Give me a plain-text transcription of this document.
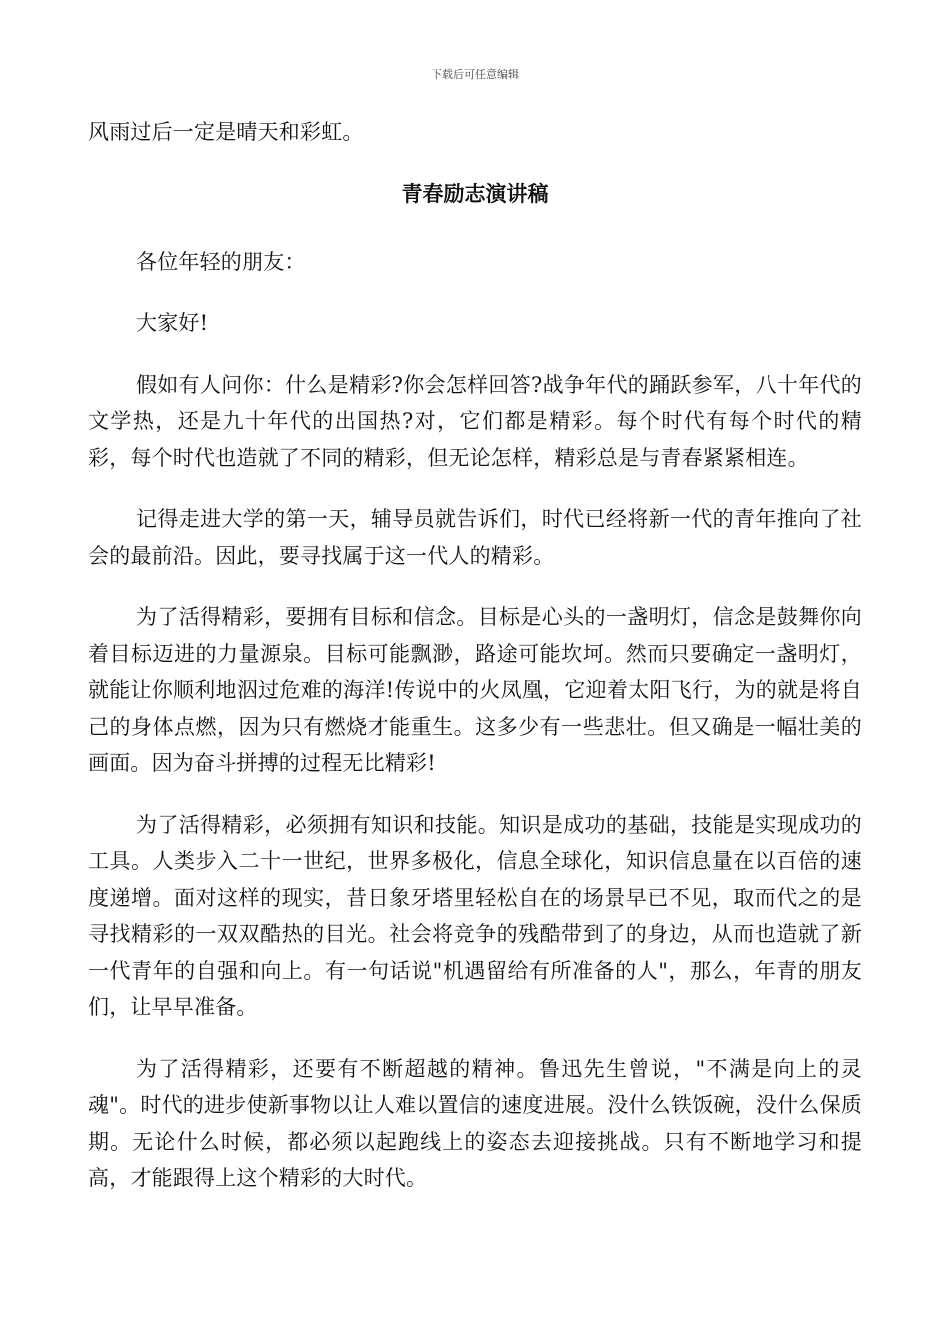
下载后可任意编辑

风雨过后一定是晴天和彩虹。

青春励志演讲稿

各位年轻的朋友：

大家好!

假如有人问你：什么是精彩?你会怎样回答?战争年代的踊跃参军，八十年代的文学热，还是九十年代的出国热?对，它们都是精彩。每个时代有每个时代的精彩，每个时代也造就了不同的精彩，但无论怎样，精彩总是与青春紧紧相连。

记得走进大学的第一天，辅导员就告诉们，时代已经将新一代的青年推向了社会的最前沿。因此，要寻找属于这一代人的精彩。

为了活得精彩，要拥有目标和信念。目标是心头的一盏明灯，信念是鼓舞你向着目标迈进的力量源泉。目标可能飘渺，路途可能坎坷。然而只要确定一盏明灯，就能让你顺利地泅过危难的海洋!传说中的火凤凰，它迎着太阳飞行，为的就是将自己的身体点燃，因为只有燃烧才能重生。这多少有一些悲壮。但又确是一幅壮美的画面。因为奋斗拼搏的过程无比精彩!

为了活得精彩，必须拥有知识和技能。知识是成功的基础，技能是实现成功的工具。人类步入二十一世纪，世界多极化，信息全球化，知识信息量在以百倍的速度递增。面对这样的现实，昔日象牙塔里轻松自在的场景早已不见，取而代之的是寻找精彩的一双双酷热的目光。社会将竞争的残酷带到了的身边，从而也造就了新一代青年的自强和向上。有一句话说"机遇留给有所准备的人"，那么，年青的朋友们，让早早准备。

为了活得精彩，还要有不断超越的精神。鲁迅先生曾说，"不满是向上的灵魂"。时代的进步使新事物以让人难以置信的速度进展。没什么铁饭碗，没什么保质期。无论什么时候，都必须以起跑线上的姿态去迎接挑战。只有不断地学习和提高，才能跟得上这个精彩的大时代。
